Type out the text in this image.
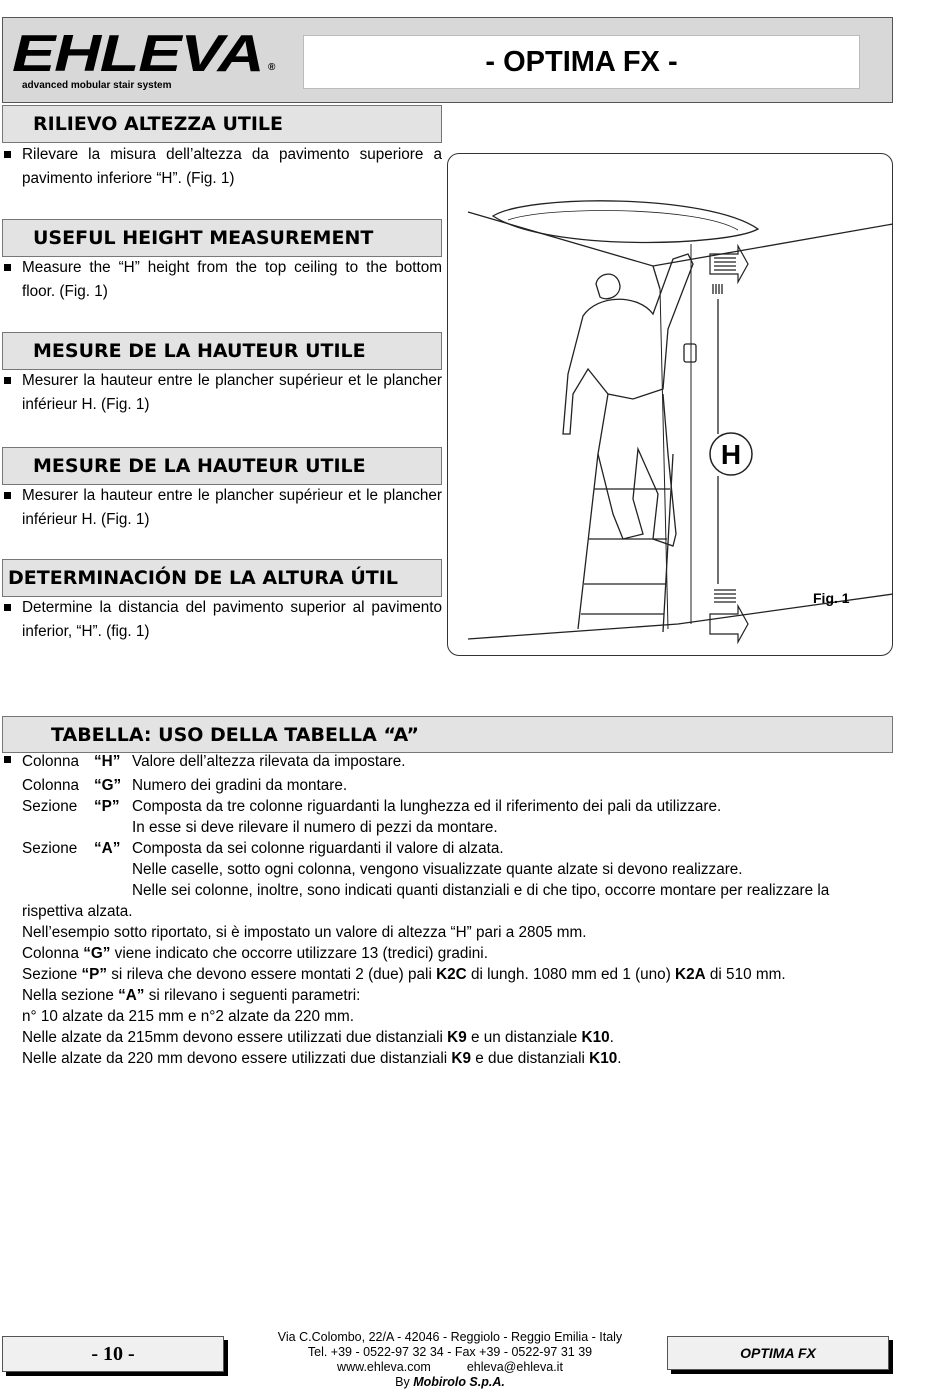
EHLEVA ®
advanced mobular stair system
- OPTIMA FX -
RILIEVO ALTEZZA UTILE
Rilevare la misura dell’altezza da pavimento superiore a pavimento inferiore “H”. (Fig. 1)
USEFUL HEIGHT MEASUREMENT
Measure the “H” height from the top ceiling to the bottom floor. (Fig. 1)
MESURE DE LA HAUTEUR UTILE
Mesurer la hauteur entre le plancher supérieur et le plancher inférieur H. (Fig. 1)
MESURE DE LA HAUTEUR UTILE
Mesurer la hauteur entre le plancher supérieur et le plancher inférieur H. (Fig. 1)
DETERMINACIÓN DE LA ALTURA ÚTIL
Determine la distancia del pavimento superior al pavimento inferior, “H”. (fig. 1)
H
Fig. 1
TABELLA: USO DELLA TABELLA “A”
Colonna “H” Valore dell’altezza rilevata da impostare.
Colonna “G” Numero dei gradini da montare.
Sezione “P” Composta da tre colonne riguardanti la lunghezza ed il riferimento dei pali da utilizzare.
In esse si deve rilevare il numero di pezzi da montare.
Sezione “A” Composta da sei colonne riguardanti il valore di alzata.
Nelle caselle, sotto ogni colonna, vengono visualizzate quante alzate si devono realizzare.
Nelle sei colonne, inoltre, sono indicati quanti distanziali e di che tipo, occorre montare per realizzare la
rispettiva alzata.
Nell’esempio sotto riportato, si è impostato un valore di altezza “H” pari a 2805 mm.
Colonna “G” viene indicato che occorre utilizzare 13 (tredici) gradini.
Sezione “P” si rileva che devono essere montati 2 (due) pali K2C di lungh. 1080 mm ed 1 (uno) K2A di 510 mm.
Nella sezione “A” si rilevano i seguenti parametri:
n° 10 alzate da 215 mm e n°2 alzate da 220 mm.
Nelle alzate da 215mm devono essere utilizzati due distanziali K9 e un distanziale K10.
Nelle alzate da 220 mm devono essere utilizzati due distanziali K9 e due distanziali K10.
- 10 -
Via C.Colombo, 22/A - 42046 - Reggiolo - Reggio Emilia - Italy
Tel. +39 - 0522-97 32 34 - Fax +39 - 0522-97 31 39
www.ehleva.com	ehleva@ehleva.it
By Mobirolo S.p.A.
OPTIMA FX
